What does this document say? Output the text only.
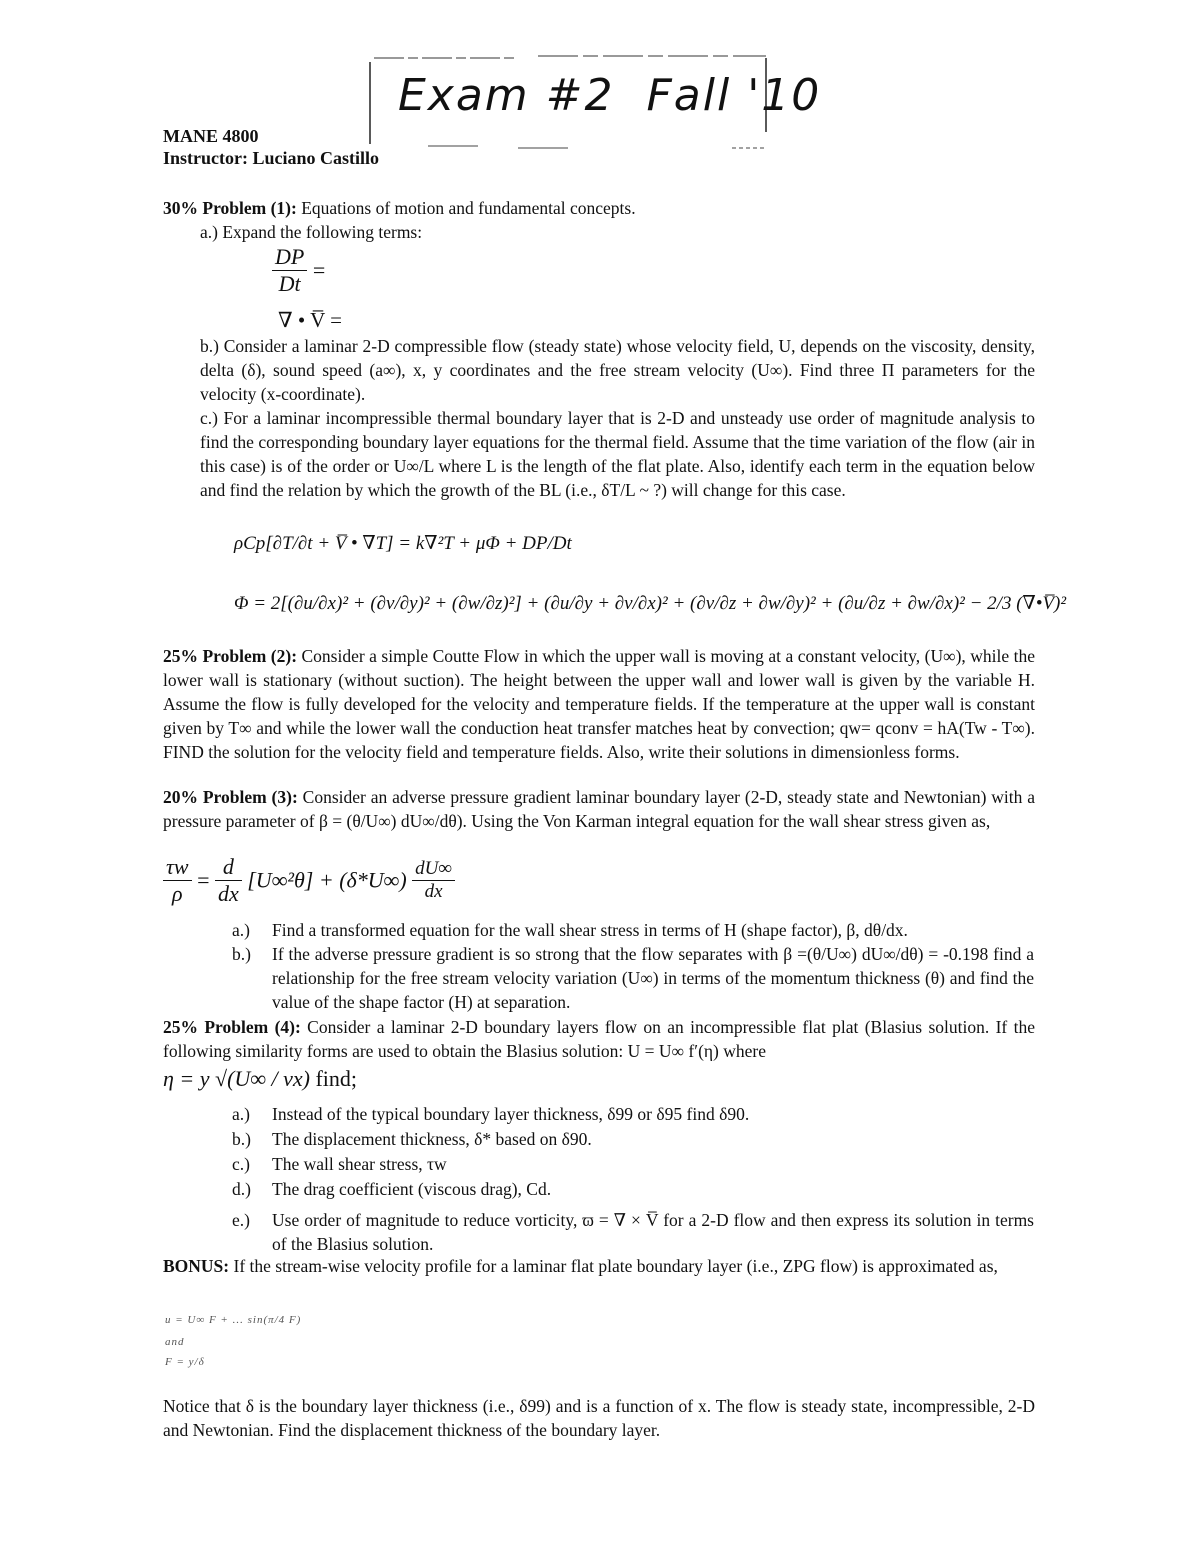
Exam #2  Fall '10
MANE 4800
Instructor: Luciano Castillo
30% Problem (1): Equations of motion and fundamental concepts.
a.) Expand the following terms:
$\frac{DP}{Dt}$ =
∇ • V̅ =
b.) Consider a laminar 2-D compressible flow (steady state) whose velocity field, U, depends on the viscosity, density, delta (δ), sound speed (a∞), x, y coordinates and the free stream velocity (U∞). Find three Π parameters for the velocity (x-coordinate).
c.) For a laminar incompressible thermal boundary layer that is 2-D and unsteady use order of magnitude analysis to find the corresponding boundary layer equations for the thermal field. Assume that the time variation of the flow (air in this case) is of the order or U∞/L where L is the length of the flat plate. Also, identify each term in the equation below and find the relation by which the growth of the BL (i.e., δT/L ~ ?) will change for this case.
ρCp[∂T/∂t + V̅ • ∇T] = k∇²T + μΦ + DP/Dt
Φ = 2[(∂u/∂x)² + (∂v/∂y)² + (∂w/∂z)²] + (∂u/∂y + ∂v/∂x)² + (∂v/∂z + ∂w/∂y)² + (∂u/∂z + ∂w/∂x)² − 2/3 (∇•V̅)²
25% Problem (2): Consider a simple Coutte Flow in which the upper wall is moving at a constant velocity, (U∞), while the lower wall is stationary (without suction). The height between the upper wall and lower wall is given by the variable H. Assume the flow is fully developed for the velocity and temperature fields. If the temperature at the upper wall is constant given by T∞ and while the lower wall the conduction heat transfer matches heat by convection; qw= qconv = hA(Tw - T∞). FIND the solution for the velocity field and temperature fields. Also, write their solutions in dimensionless forms.
20% Problem (3): Consider an adverse pressure gradient laminar boundary layer (2-D, steady state and Newtonian) with a pressure parameter of β = (θ/U∞) dU∞/dθ). Using the Von Karman integral equation for the wall shear stress given as,
$\frac{\tau w}{\rho} = \frac{d}{dx} [U\infty^2\theta] + (\delta*U\infty) \frac{dU\infty}{dx}$
a.) Find a transformed equation for the wall shear stress in terms of H (shape factor), β, dθ/dx.
b.) If the adverse pressure gradient is so strong that the flow separates with β =(θ/U∞) dU∞/dθ) = -0.198 find a relationship for the free stream velocity variation (U∞) in terms of the momentum thickness (θ) and find the value of the shape factor (H) at separation.
25% Problem (4): Consider a laminar 2-D boundary layers flow on an incompressible flat plat (Blasius solution. If the following similarity forms are used to obtain the Blasius solution: U = U∞ f′(η) where
η = y √(U∞ / νx) find;
a.) Instead of the typical boundary layer thickness, δ99 or δ95 find δ90.
b.) The displacement thickness, δ* based on δ90.
c.) The wall shear stress, τw
d.) The drag coefficient (viscous drag), Cd.
e.) Use order of magnitude to reduce vorticity, ϖ = ∇ × V̅ for a 2-D flow and then express its solution in terms of the Blasius solution.
BONUS: If the stream-wise velocity profile for a laminar flat plate boundary layer (i.e., ZPG flow) is approximated as,
u = U∞ F + ... sin(π/4 F)
and
F = y/δ
Notice that δ is the boundary layer thickness (i.e., δ99) and is a function of x. The flow is steady state, incompressible, 2-D and Newtonian. Find the displacement thickness of the boundary layer.
